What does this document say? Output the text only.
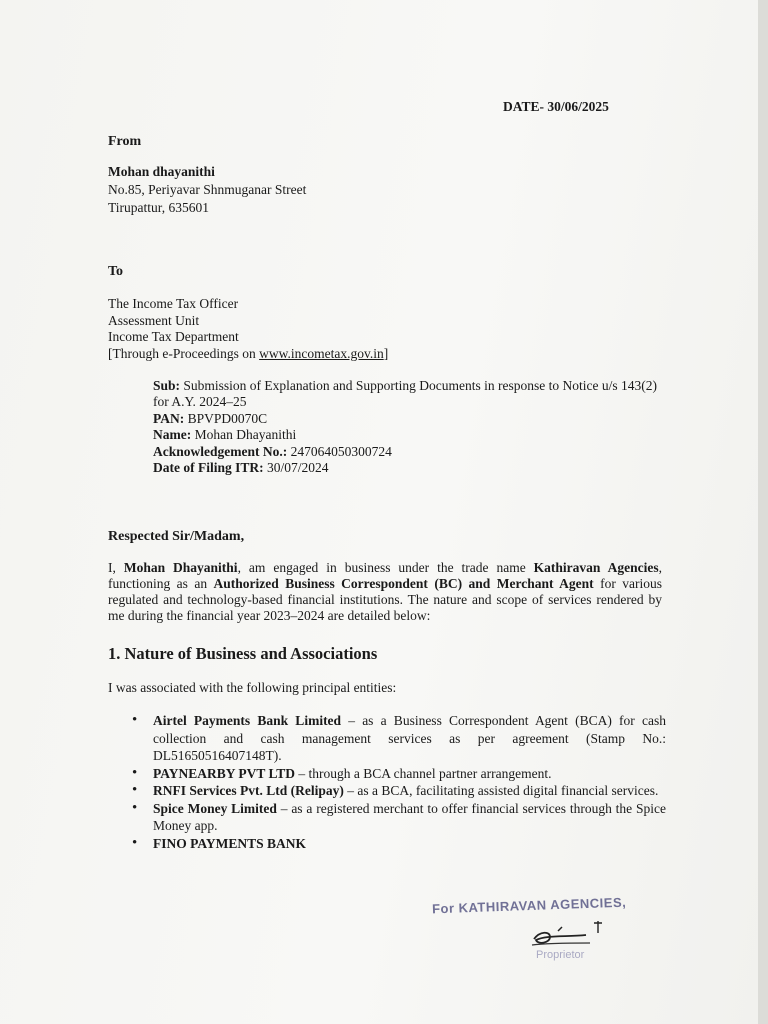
DATE- 30/06/2025

From

Mohan dhayanithi
No.85, Periyavar Shnmuganar Street
Tirupattur, 635601

To

The Income Tax Officer
Assessment Unit
Income Tax Department
[Through e-Proceedings on www.incometax.gov.in]
Sub: Submission of Explanation and Supporting Documents in response to Notice u/s 143(2) for A.Y. 2024–25
PAN: BPVPD0070C
Name: Mohan Dhayanithi
Acknowledgement No.: 247064050300724
Date of Filing ITR: 30/07/2024

Respected Sir/Madam,

I, Mohan Dhayanithi, am engaged in business under the trade name Kathiravan Agencies, functioning as an Authorized Business Correspondent (BC) and Merchant Agent for various regulated and technology-based financial institutions. The nature and scope of services rendered by me during the financial year 2023–2024 are detailed below:

1. Nature of Business and Associations

I was associated with the following principal entities:

• Airtel Payments Bank Limited – as a Business Correspondent Agent (BCA) for cash collection and cash management services as per agreement (Stamp No.: DL51650516407148T).
• PAYNEARBY PVT LTD – through a BCA channel partner arrangement.
• RNFI Services Pvt. Ltd (Relipay) – as a BCA, facilitating assisted digital financial services.
• Spice Money Limited – as a registered merchant to offer financial services through the Spice Money app.
• FINO PAYMENTS BANK
For KATHIRAVAN AGENCIES,
Proprietor
